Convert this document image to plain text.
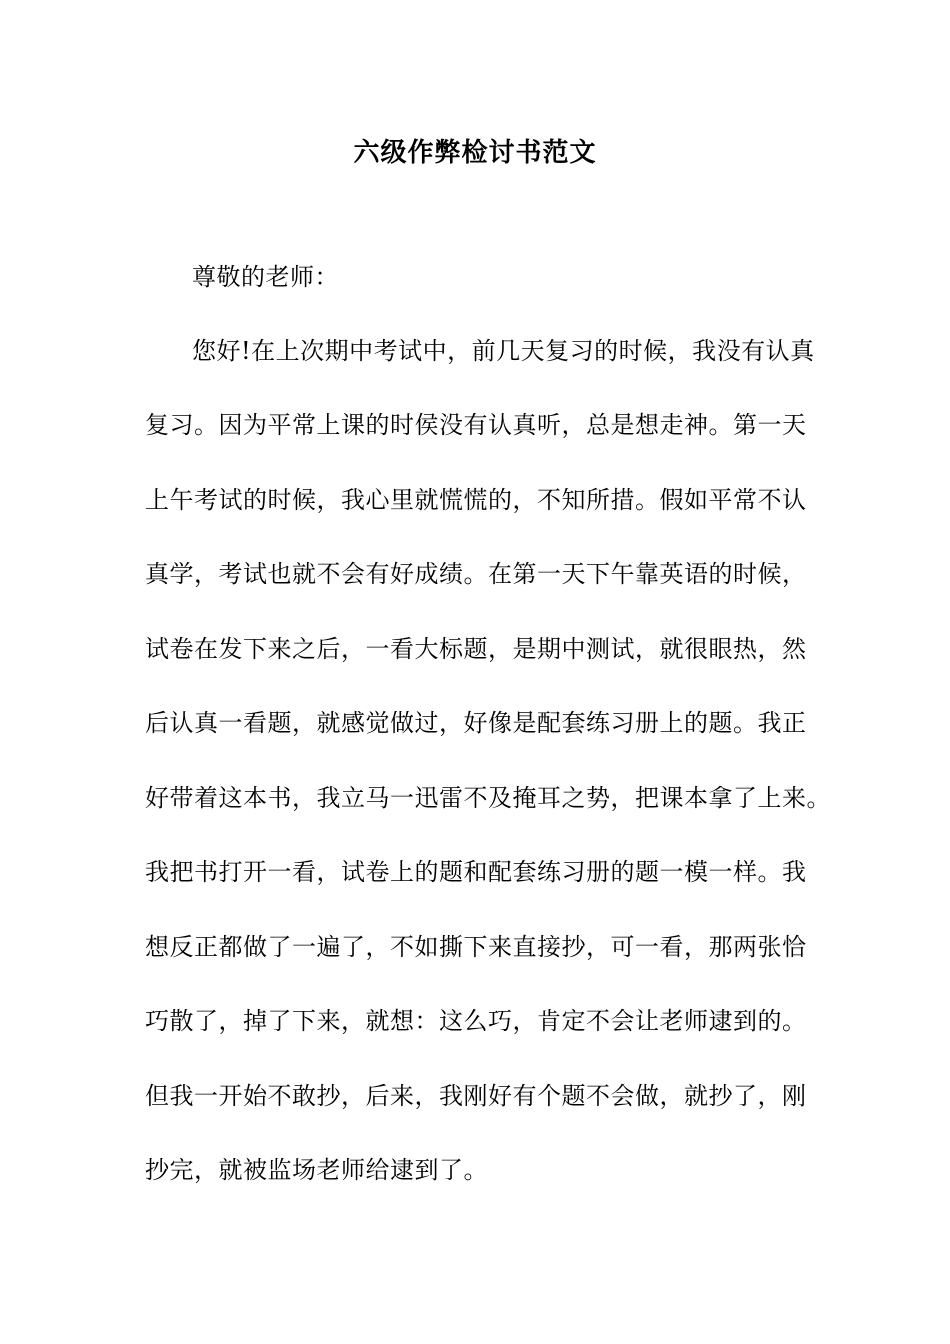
六级作弊检讨书范文
尊敬的老师：
您好!在上次期中考试中，前几天复习的时候，我没有认真
复习。因为平常上课的时侯没有认真听，总是想走神。第一天
上午考试的时候，我心里就慌慌的，不知所措。假如平常不认
真学，考试也就不会有好成绩。在第一天下午靠英语的时候，
试卷在发下来之后，一看大标题，是期中测试，就很眼热，然
后认真一看题，就感觉做过，好像是配套练习册上的题。我正
好带着这本书，我立马一迅雷不及掩耳之势，把课本拿了上来。
我把书打开一看，试卷上的题和配套练习册的题一模一样。我
想反正都做了一遍了，不如撕下来直接抄，可一看，那两张恰
巧散了，掉了下来，就想：这么巧，肯定不会让老师逮到的。
但我一开始不敢抄，后来，我刚好有个题不会做，就抄了，刚
抄完，就被监场老师给逮到了。
